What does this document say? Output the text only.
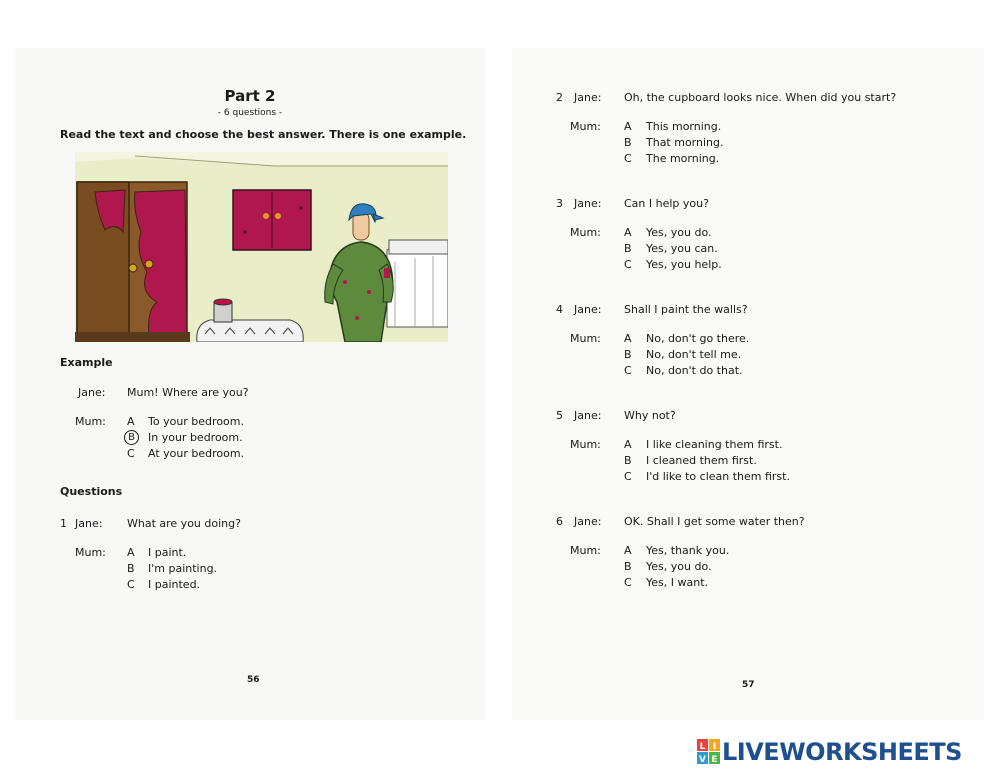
Part 2
- 6 questions -
Read the text and choose the best answer. There is one example.
Example
Jane: Mum! Where are you?
Mum: A To your bedroom.
B	In your bedroom.
C At your bedroom.
Questions
1 Jane: What are you doing?
Mum: A I paint.
B I'm painting.
C I painted.
56
2 Jane: Oh, the cupboard looks nice. When did you start?
Mum: A This morning.
B That morning.
C The morning.
3 Jane: Can I help you?
Mum: A Yes, you do.
B Yes, you can.
C Yes, you help.
4 Jane: Shall I paint the walls?
Mum: A No, don't go there.
B No, don't tell me.
C No, don't do that.
5 Jane: Why not?
Mum: A I like cleaning them first.
B I cleaned them first.
C I'd like to clean them first.
6 Jane: OK. Shall I get some water then?
Mum: A Yes, thank you.
B Yes, you do.
C Yes, I want.
57
L I
V E LIVEWORKSHEETS
